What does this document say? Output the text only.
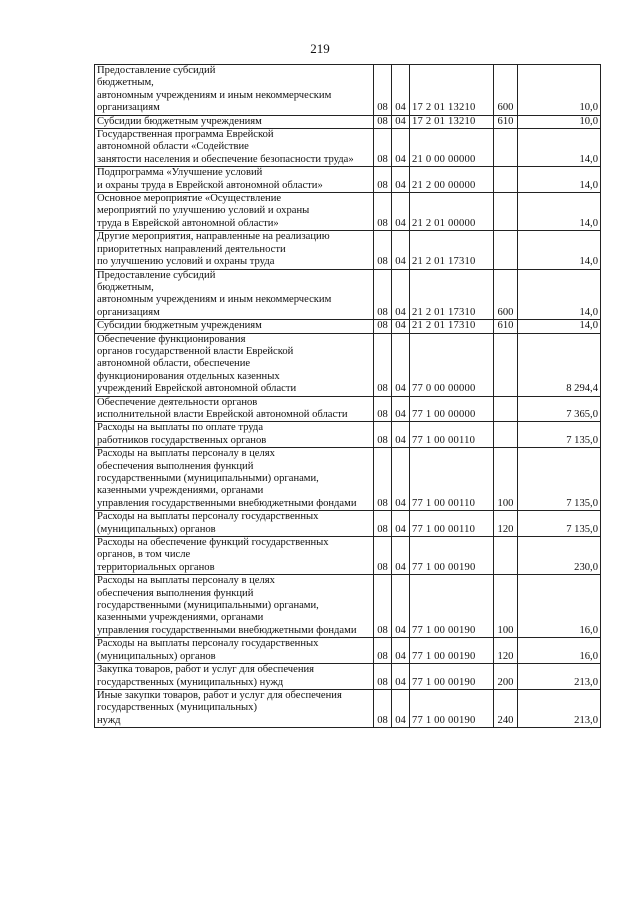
219
Предоставление субсидий
бюджетным,
автономным учреждениям и иным некоммерческим организациям	08	04	17 2 01 13210	600	10,0

Субсидии бюджетным учреждениям	08	04	17 2 01 13210	610	10,0

Государственная программа Еврейской
автономной области «Содействие
занятости населения и обеспечение безопасности труда»	08	04	21 0 00 00000		14,0

Подпрограмма «Улучшение условий
и охраны труда в Еврейской автономной области»	08	04	21 2 00 00000		14,0

Основное мероприятие «Осуществление
мероприятий по улучшению условий и охраны
труда в Еврейской автономной области»	08	04	21 2 01 00000		14,0

Другие мероприятия, направленные на реализацию
приоритетных направлений деятельности
по улучшению условий и охраны труда	08	04	21 2 01 17310		14,0

Предоставление субсидий
бюджетным,
автономным учреждениям и иным некоммерческим организациям	08	04	21 2 01 17310	600	14,0

Субсидии бюджетным учреждениям	08	04	21 2 01 17310	610	14,0

Обеспечение функционирования
органов государственной власти Еврейской
автономной области, обеспечение
функционирования отдельных казенных
учреждений Еврейской автономной области	08	04	77 0 00 00000		8 294,4

Обеспечение деятельности органов
исполнительной власти Еврейской автономной области	08	04	77 1 00 00000		7 365,0

Расходы на выплаты по оплате труда
работников государственных органов	08	04	77 1 00 00110		7 135,0

Расходы на выплаты персоналу в целях
обеспечения выполнения функций
государственными (муниципальными) органами,
казенными учреждениями, органами
управления государственными внебюджетными фондами	08	04	77 1 00 00110	100	7 135,0

Расходы на выплаты персоналу государственных
(муниципальных) органов	08	04	77 1 00 00110	120	7 135,0

Расходы на обеспечение функций государственных
органов, в том числе
территориальных органов	08	04	77 1 00 00190		230,0

Расходы на выплаты персоналу в целях
обеспечения выполнения функций
государственными (муниципальными) органами,
казенными учреждениями, органами
управления государственными внебюджетными фондами	08	04	77 1 00 00190	100	16,0

Расходы на выплаты персоналу государственных
(муниципальных) органов	08	04	77 1 00 00190	120	16,0

Закупка товаров, работ и услуг для обеспечения
государственных (муниципальных) нужд	08	04	77 1 00 00190	200	213,0

Иные закупки товаров, работ и услуг для обеспечения
государственных (муниципальных)
нужд	08	04	77 1 00 00190	240	213,0
